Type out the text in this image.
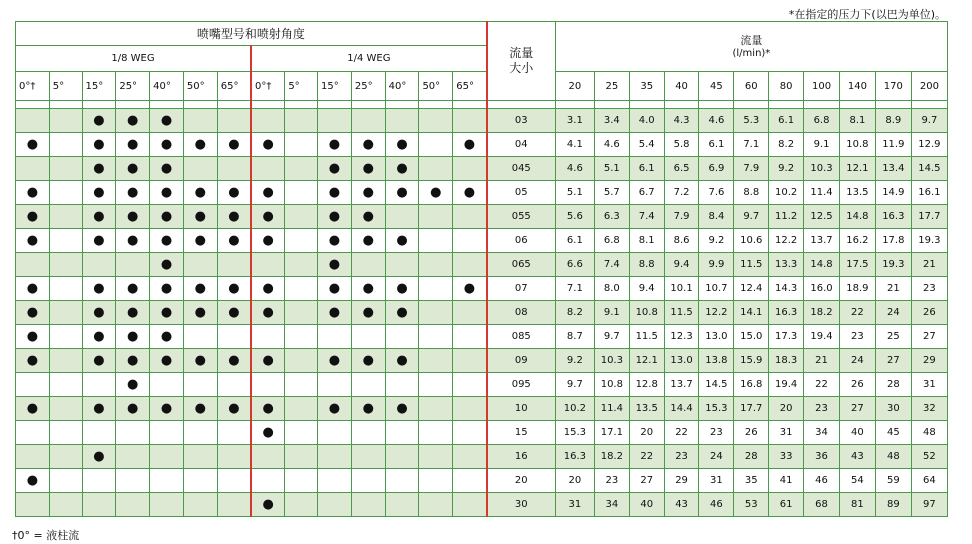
*在指定的压力下(以巴为单位)。
喷嘴型号和喷射角度														流量大小	流量
(l/min)*										

1/8 WEG							1/4 WEG																		
0°†	5°	15°	25°	40°	50°	65°	0°†	5°	15°	25°	40°	50°	65°		20	25	35	40	45	60	80	100	140	170	200

		●	●	●										03	3.1	3.4	4.0	4.3	4.6	5.3	6.1	6.8	8.1	8.9	9.7
●		●	●	●	●	●	●		●	●	●		●	04	4.1	4.6	5.4	5.8	6.1	7.1	8.2	9.1	10.8	11.9	12.9
		●	●	●					●	●	●			045	4.6	5.1	6.1	6.5	6.9	7.9	9.2	10.3	12.1	13.4	14.5
●		●	●	●	●	●	●		●	●	●	●	●	05	5.1	5.7	6.7	7.2	7.6	8.8	10.2	11.4	13.5	14.9	16.1
●		●	●	●	●	●	●		●	●				055	5.6	6.3	7.4	7.9	8.4	9.7	11.2	12.5	14.8	16.3	17.7
●		●	●	●	●	●	●		●	●	●			06	6.1	6.8	8.1	8.6	9.2	10.6	12.2	13.7	16.2	17.8	19.3
				●					●					065	6.6	7.4	8.8	9.4	9.9	11.5	13.3	14.8	17.5	19.3	21
●		●	●	●	●	●	●		●	●	●		●	07	7.1	8.0	9.4	10.1	10.7	12.4	14.3	16.0	18.9	21	23
●		●	●	●	●	●	●		●	●	●			08	8.2	9.1	10.8	11.5	12.2	14.1	16.3	18.2	22	24	26
●		●	●	●										085	8.7	9.7	11.5	12.3	13.0	15.0	17.3	19.4	23	25	27
●		●	●	●	●	●	●		●	●	●			09	9.2	10.3	12.1	13.0	13.8	15.9	18.3	21	24	27	29
			●											095	9.7	10.8	12.8	13.7	14.5	16.8	19.4	22	26	28	31
●		●	●	●	●	●	●		●	●	●			10	10.2	11.4	13.5	14.4	15.3	17.7	20	23	27	30	32
							●							15	15.3	17.1	20	22	23	26	31	34	40	45	48
		●												16	16.3	18.2	22	23	24	28	33	36	43	48	52
●														20	20	23	27	29	31	35	41	46	54	59	64
							●							30	31	34	40	43	46	53	61	68	81	89	97
†0° = 液柱流
